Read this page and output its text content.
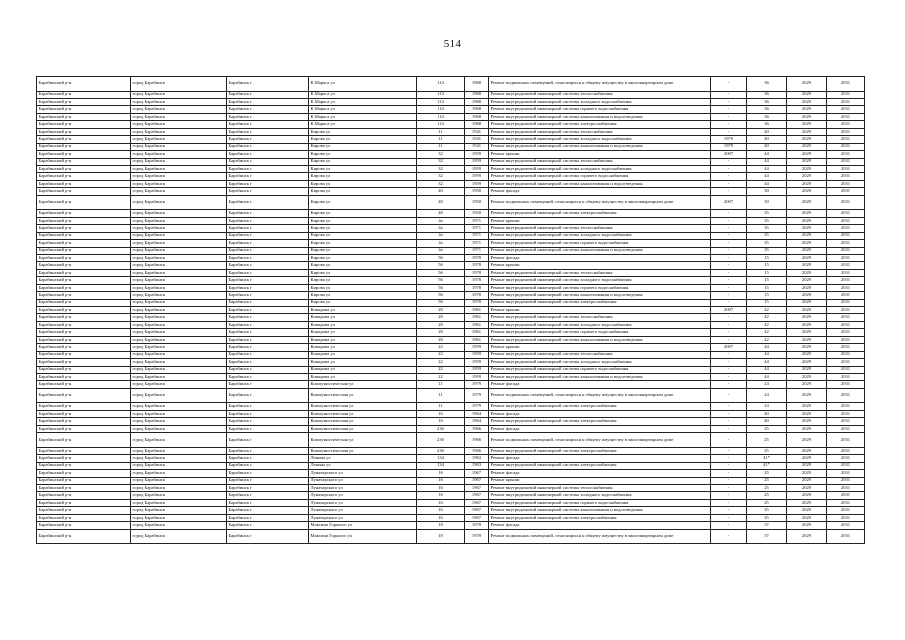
514
Барабинский р-н	город Барабинск	Барабинск г	К.Маркса ул	114	1968	Ремонт подвальных помещений, относящихся к общему имуществу в многоквартирном доме	-	36	2029	2031
Барабинский р-н	город Барабинск	Барабинск г	К.Маркса ул	114	1968	Ремонт внутридомовой инженерной системы теплоснабжения	-	36	2029	2031
Барабинский р-н	город Барабинск	Барабинск г	К.Маркса ул	114	1968	Ремонт внутридомовой инженерной системы холодного водоснабжения	-	36	2029	2031
Барабинский р-н	город Барабинск	Барабинск г	К.Маркса ул	114	1968	Ремонт внутридомовой инженерной системы горячего водоснабжения	-	36	2029	2031
Барабинский р-н	город Барабинск	Барабинск г	К.Маркса ул	114	1968	Ремонт внутридомовой инженерной системы канализования и водоотведения	-	36	2029	2031
Барабинский р-н	город Барабинск	Барабинск г	К.Маркса ул	114	1968	Ремонт внутридомовой инженерной системы электроснабжения	-	36	2029	2031
Барабинский р-н	город Барабинск	Барабинск г	Кирова ул	11	1941	Ремонт внутридомовой инженерной системы теплоснабжения	-	40	2029	2031
Барабинский р-н	город Барабинск	Барабинск г	Кирова ул	11	1941	Ремонт внутридомовой инженерной системы холодного водоснабжения	1979	40	2029	2031
Барабинский р-н	город Барабинск	Барабинск г	Кирова ул	11	1941	Ремонт внутридомовой инженерной системы канализования и водоотведения	1979	40	2029	2031
Барабинский р-н	город Барабинск	Барабинск г	Кирова ул	32	1959	Ремонт крыши	2007	44	2029	2031
Барабинский р-н	город Барабинск	Барабинск г	Кирова ул	32	1959	Ремонт внутридомовой инженерной системы теплоснабжения	-	44	2029	2031
Барабинский р-н	город Барабинск	Барабинск г	Кирова ул	32	1959	Ремонт внутридомовой инженерной системы холодного водоснабжения	-	44	2029	2031
Барабинский р-н	город Барабинск	Барабинск г	Кирова ул	32	1959	Ремонт внутридомовой инженерной системы горячего водоснабжения	-	44	2029	2031
Барабинский р-н	город Барабинск	Барабинск г	Кирова ул	32	1959	Ремонт внутридомовой инженерной системы канализования и водоотведения	-	44	2029	2031
Барабинский р-н	город Барабинск	Барабинск г	Кирова ул	40	1950	Ремонт фасада	-	30	2029	2031
Барабинский р-н	город Барабинск	Барабинск г	Кирова ул	40	1950	Ремонт подвальных помещений, относящихся к общему имуществу в многоквартирном доме	2007	30	2029	2031
Барабинский р-н	город Барабинск	Барабинск г	Кирова ул	40	1950	Ремонт внутридомовой инженерной системы электроснабжения	-	35	2029	2031
Барабинский р-н	город Барабинск	Барабинск г	Кирова ул	4а	1971	Ремонт крыши	-	35	2029	2031
Барабинский р-н	город Барабинск	Барабинск г	Кирова ул	4а	1971	Ремонт внутридомовой инженерной системы теплоснабжения	-	35	2029	2031
Барабинский р-н	город Барабинск	Барабинск г	Кирова ул	4а	1971	Ремонт внутридомовой инженерной системы холодного водоснабжения	-	35	2029	2031
Барабинский р-н	город Барабинск	Барабинск г	Кирова ул	4а	1971	Ремонт внутридомовой инженерной системы горячего водоснабжения	-	35	2029	2031
Барабинский р-н	город Барабинск	Барабинск г	Кирова ул	4а	1971	Ремонт внутридомовой инженерной системы канализования и водоотведения	-	35	2029	2031
Барабинский р-н	город Барабинск	Барабинск г	Кирова ул	56	1978	Ремонт фасада	-	15	2029	2031
Барабинский р-н	город Барабинск	Барабинск г	Кирова ул	56	1978	Ремонт крыши	-	15	2029	2031
Барабинский р-н	город Барабинск	Барабинск г	Кирова ул	56	1978	Ремонт внутридомовой инженерной системы теплоснабжения	-	15	2029	2031
Барабинский р-н	город Барабинск	Барабинск г	Кирова ул	56	1978	Ремонт внутридомовой инженерной системы холодного водоснабжения	-	15	2029	2031
Барабинский р-н	город Барабинск	Барабинск г	Кирова ул	56	1978	Ремонт внутридомовой инженерной системы горячего водоснабжения	-	15	2029	2031
Барабинский р-н	город Барабинск	Барабинск г	Кирова ул	56	1978	Ремонт внутридомовой инженерной системы канализования и водоотведения	-	15	2029	2031
Барабинский р-н	город Барабинск	Барабинск г	Кирова ул	56	1978	Ремонт внутридомовой инженерной системы электроснабжения	-	15	2029	2031
Барабинский р-н	город Барабинск	Барабинск г	Комарова ул	20	1961	Ремонт крыши	2007	42	2029	2031
Барабинский р-н	город Барабинск	Барабинск г	Комарова ул	20	1961	Ремонт внутридомовой инженерной системы теплоснабжения	-	42	2029	2031
Барабинский р-н	город Барабинск	Барабинск г	Комарова ул	20	1961	Ремонт внутридомовой инженерной системы холодного водоснабжения	-	42	2029	2031
Барабинский р-н	город Барабинск	Барабинск г	Комарова ул	20	1961	Ремонт внутридомовой инженерной системы горячего водоснабжения	-	42	2029	2031
Барабинский р-н	город Барабинск	Барабинск г	Комарова ул	20	1961	Ремонт внутридомовой инженерной системы канализования и водоотведения	-	42	2029	2031
Барабинский р-н	город Барабинск	Барабинск г	Комарова ул	22	1959	Ремонт крыши	2007	44	2029	2031
Барабинский р-н	город Барабинск	Барабинск г	Комарова ул	22	1959	Ремонт внутридомовой инженерной системы теплоснабжения	-	44	2029	2031
Барабинский р-н	город Барабинск	Барабинск г	Комарова ул	22	1959	Ремонт внутридомовой инженерной системы холодного водоснабжения	-	44	2029	2031
Барабинский р-н	город Барабинск	Барабинск г	Комарова ул	22	1959	Ремонт внутридомовой инженерной системы горячего водоснабжения	-	44	2029	2031
Барабинский р-н	город Барабинск	Барабинск г	Комарова ул	22	1959	Ремонт внутридомовой инженерной системы канализования и водоотведения	-	44	2029	2031
Барабинский р-н	город Барабинск	Барабинск г	Коммунистическая ул	11	1979	Ремонт фасада	-	24	2029	2031
Барабинский р-н	город Барабинск	Барабинск г	Коммунистическая ул	11	1979	Ремонт подвальных помещений, относящихся к общему имуществу в многоквартирном доме	-	24	2029	2031
Барабинский р-н	город Барабинск	Барабинск г	Коммунистическая ул	11	1979	Ремонт внутридомовой инженерной системы электроснабжения	-	24	2029	2031
Барабинский р-н	город Барабинск	Барабинск г	Коммунистическая ул	16	1964	Ремонт фасада	-	40	2029	2031
Барабинский р-н	город Барабинск	Барабинск г	Коммунистическая ул	16	1964	Ремонт внутридомовой инженерной системы электроснабжения	-	40	2029	2031
Барабинский р-н	город Барабинск	Барабинск г	Коммунистическая ул	23б	1966	Ремонт фасада	-	25	2029	2031
Барабинский р-н	город Барабинск	Барабинск г	Коммунистическая ул	23б	1966	Ремонт подвальных помещений, относящихся к общему имуществу в многоквартирном доме	-	25	2029	2031
Барабинский р-н	город Барабинск	Барабинск г	Коммунистическая ул	23б	1966	Ремонт внутридомовой инженерной системы электроснабжения	-	25	2029	2031
Барабинский р-н	город Барабинск	Барабинск г	Ленина ул	134	1963	Ремонт фасада	-	41*	2029	2031
Барабинский р-н	город Барабинск	Барабинск г	Ленина ул	134	1963	Ремонт внутридомовой инженерной системы электроснабжения	-	41*	2029	2031
Барабинский р-н	город Барабинск	Барабинск г	Луначарского ул	16	1967	Ремонт фасада	-	25	2029	2031
Барабинский р-н	город Барабинск	Барабинск г	Луначарского ул	16	1967	Ремонт крыши	-	25	2029	2031
Барабинский р-н	город Барабинск	Барабинск г	Луначарского ул	16	1967	Ремонт внутридомовой инженерной системы теплоснабжения	-	25	2029	2031
Барабинский р-н	город Барабинск	Барабинск г	Луначарского ул	16	1967	Ремонт внутридомовой инженерной системы холодного водоснабжения	-	25	2029	2031
Барабинский р-н	город Барабинск	Барабинск г	Луначарского ул	16	1967	Ремонт внутридомовой инженерной системы горячего водоснабжения	-	25	2029	2031
Барабинский р-н	город Барабинск	Барабинск г	Луначарского ул	16	1967	Ремонт внутридомовой инженерной системы канализования и водоотведения	-	25	2029	2031
Барабинский р-н	город Барабинск	Барабинск г	Луначарского ул	16	1967	Ремонт внутридомовой инженерной системы электроснабжения	-	25	2029	2031
Барабинский р-н	город Барабинск	Барабинск г	Максима Горького ул	18	1978	Ремонт фасада	-	37	2029	2031
Барабинский р-н	город Барабинск	Барабинск г	Максима Горького ул	18	1978	Ремонт подвальных помещений, относящихся к общему имуществу в многоквартирном доме	-	37	2029	2031
